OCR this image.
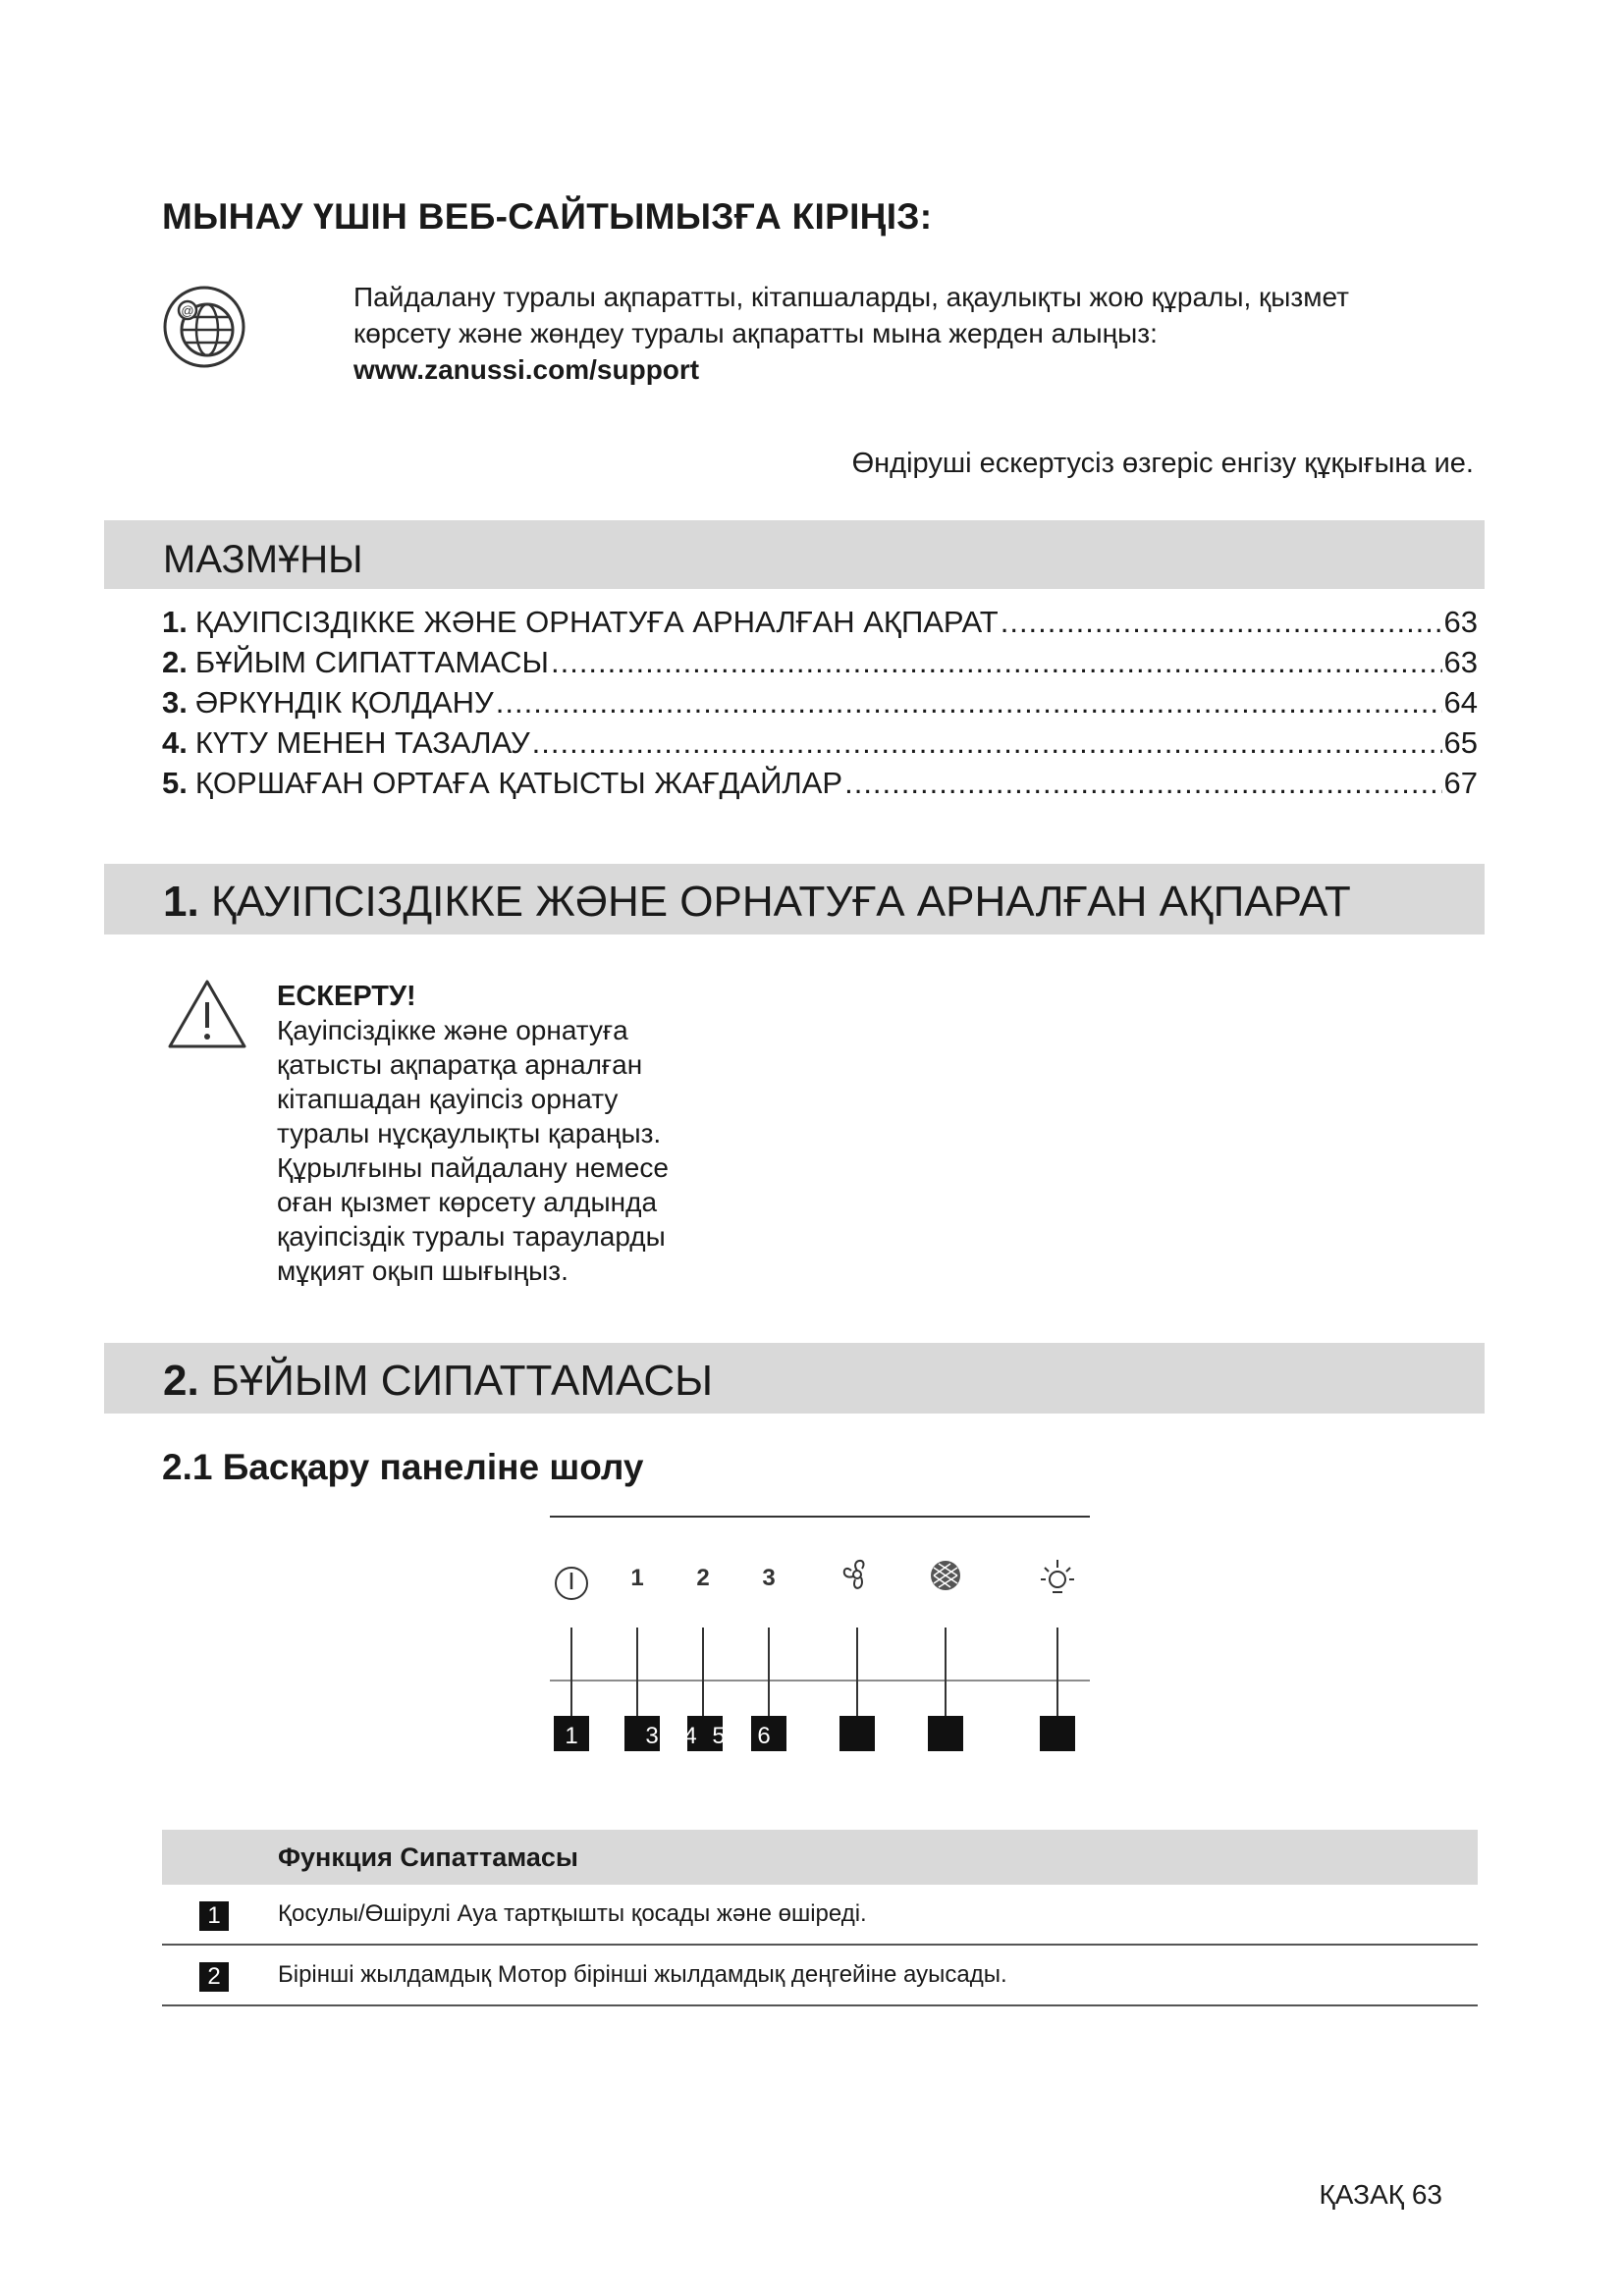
МЫНАУ ҮШІН ВЕБ-САЙТЫМЫЗҒА КІРІҢІЗ:
@	Пайдалану туралы ақпаратты, кітапшаларды, ақаулықты жою құралы, қызмет
көрсету және жөндеу туралы ақпаратты мына жерден алыңыз:
www.zanussi.com/support
Өндіруші ескертусіз өзгеріс енгізу құқығына ие.
МАЗМҰНЫ
1. ҚАУІПСІЗДІККЕ ЖӘНЕ ОРНАТУҒА АРНАЛҒАН АҚПАРАТ .....	63
2. БҰЙЫМ СИПАТТАМАСЫ .....	63
3. ӘРКҮНДІК ҚОЛДАНУ .....	64
4. КҮТУ МЕНЕН ТАЗАЛАУ .....	65
5. ҚОРШАҒАН ОРТАҒА ҚАТЫСТЫ ЖАҒДАЙЛАР .....	67
1. ҚАУІПСІЗДІККЕ ЖӘНЕ ОРНАТУҒА АРНАЛҒАН АҚПАРАТ
ЕСКЕРТУ!
Қауіпсіздікке және орнатуға
қатысты ақпаратқа арналған
кітапшадан қауіпсіз орнату
туралы нұсқаулықты қараңыз.
Құрылғыны пайдалану немесе
оған қызмет көрсету алдында
қауіпсіздік туралы тарауларды
мұқият оқып шығыңыз.
2. БҰЙЫМ СИПАТТАМАСЫ
2.1 Басқару панеліне шолу
1 2 3
1	3 4 5 6
Функция Сипаттамасы
1	Қосулы/Өшірулі Ауа тартқышты қосады және өшіреді.
2	Бірінші жылдамдық Мотор бірінші жылдамдық деңгейіне ауысады.
ҚАЗАҚ 63
